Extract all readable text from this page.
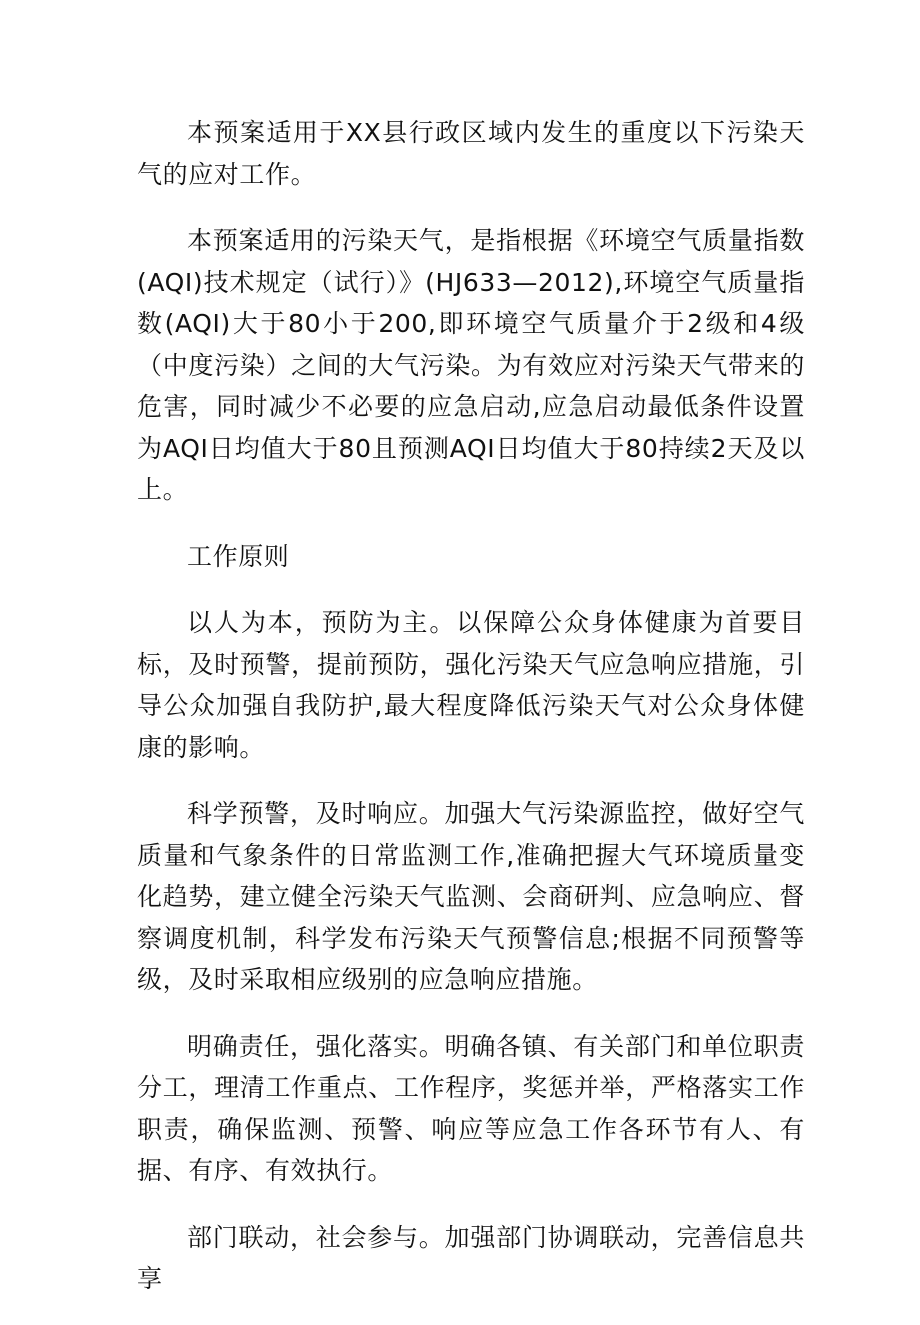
本预案适用于XX县行政区域内发生的重度以下污染天气的应对工作。

本预案适用的污染天气，是指根据《环境空气质量指数(AQI)技术规定（试行）》(HJ633—2012),环境空气质量指数(AQI)大于80小于200,即环境空气质量介于2级和4级（中度污染）之间的大气污染。为有效应对污染天气带来的危害，同时减少不必要的应急启动,应急启动最低条件设置为AQI日均值大于80且预测AQI日均值大于80持续2天及以上。

工作原则

以人为本，预防为主。以保障公众身体健康为首要目标，及时预警，提前预防，强化污染天气应急响应措施，引导公众加强自我防护,最大程度降低污染天气对公众身体健康的影响。

科学预警，及时响应。加强大气污染源监控，做好空气质量和气象条件的日常监测工作,准确把握大气环境质量变化趋势，建立健全污染天气监测、会商研判、应急响应、督察调度机制，科学发布污染天气预警信息;根据不同预警等级，及时采取相应级别的应急响应措施。

明确责任，强化落实。明确各镇、有关部门和单位职责分工，理清工作重点、工作程序，奖惩并举，严格落实工作职责，确保监测、预警、响应等应急工作各环节有人、有据、有序、有效执行。

部门联动，社会参与。加强部门协调联动，完善信息共享
